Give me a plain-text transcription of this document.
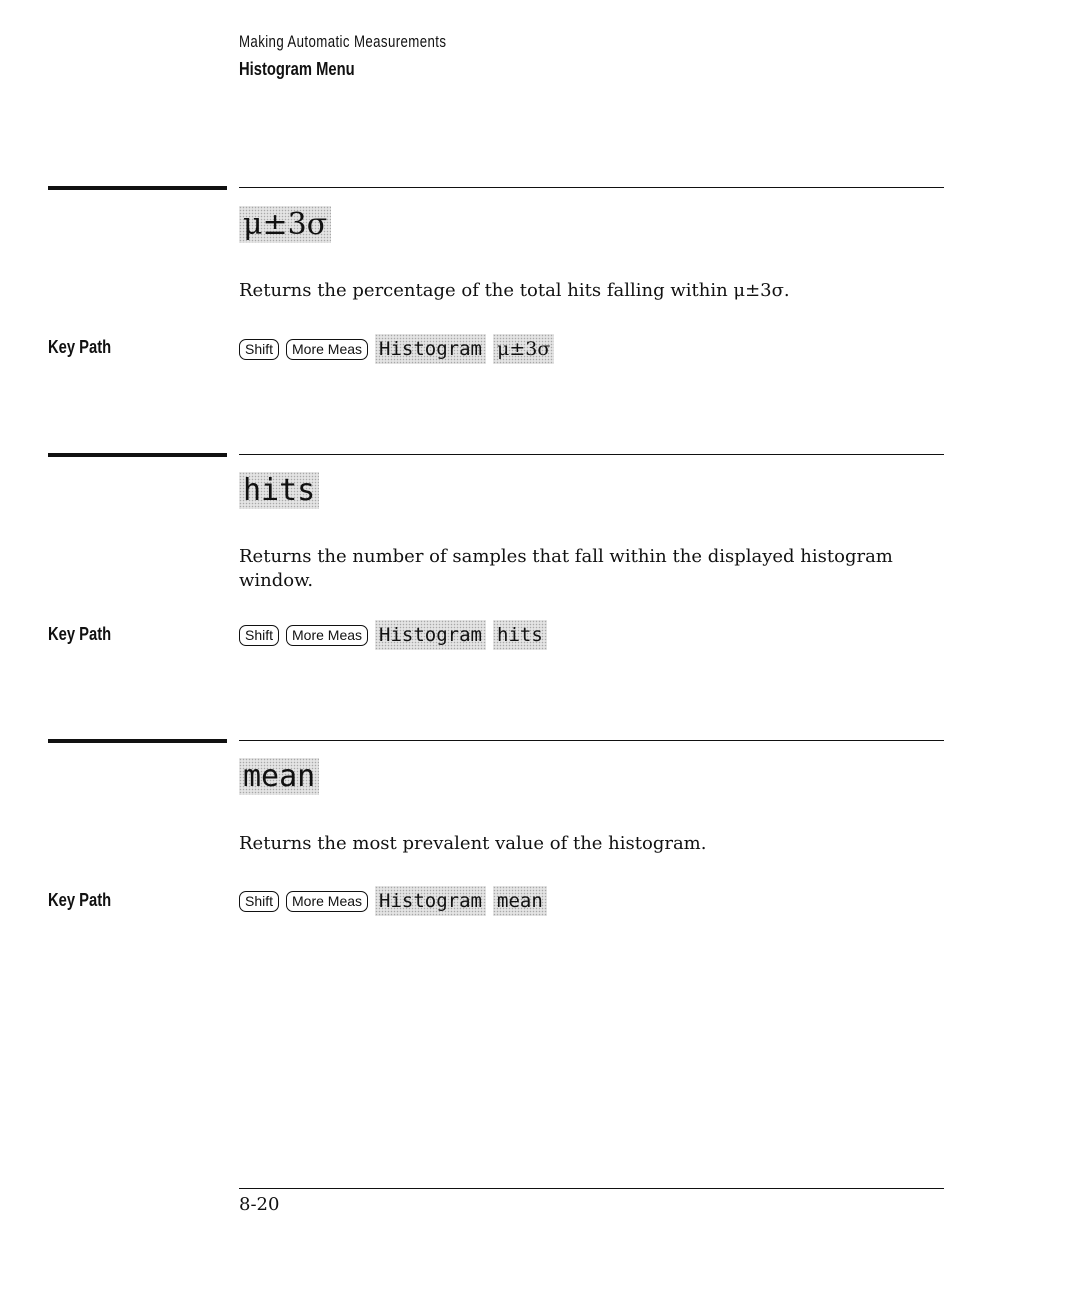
Making Automatic Measurements
Histogram Menu
μ±3σ
Returns the percentage of the total hits falling within μ±3σ.
Key Path	Shift	More Meas Histogram μ±3σ
hits
Returns the number of samples that fall within the displayed histogram window.
Key Path	Shift	More Meas Histogram hits
mean
Returns the most prevalent value of the histogram.
Key Path	Shift	More Meas Histogram mean
8-20
